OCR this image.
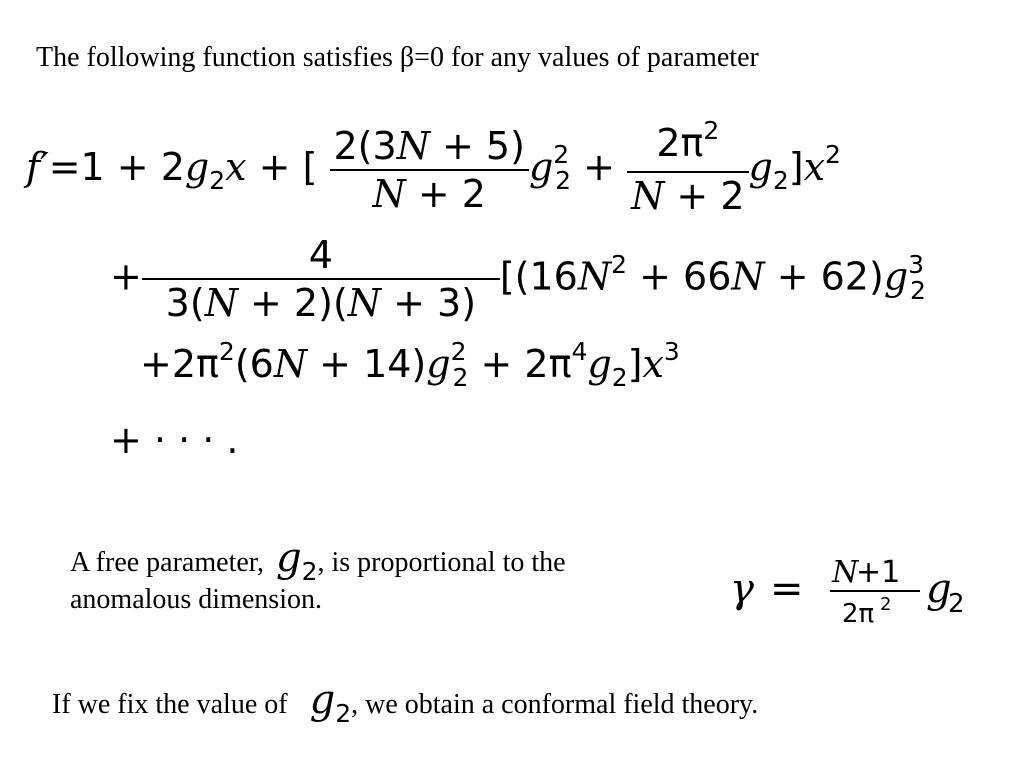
The following function satisfies β=0 for any values of parameter
$f'=1 + 2g_2x$ + [ $\frac{2(3N + 5)}{N + 2} g^2_2 + \frac{2\pi^2}{N + 2} g_2]x^2$
+ $\frac{4}{3(N + 2)(N + 3)} [(16N^2 + 66N + 62)g^3_2$
$+2\pi^2(6N + 14)g^2_2 + 2\pi^4g_2]x^3$
+ · · · .
A free parameter, $g_2$, is proportional to the
anomalous dimension.	γ = N
+1
2π 2 g
2
If we fix the value of $g_2$, we obtain a conformal field theory.
